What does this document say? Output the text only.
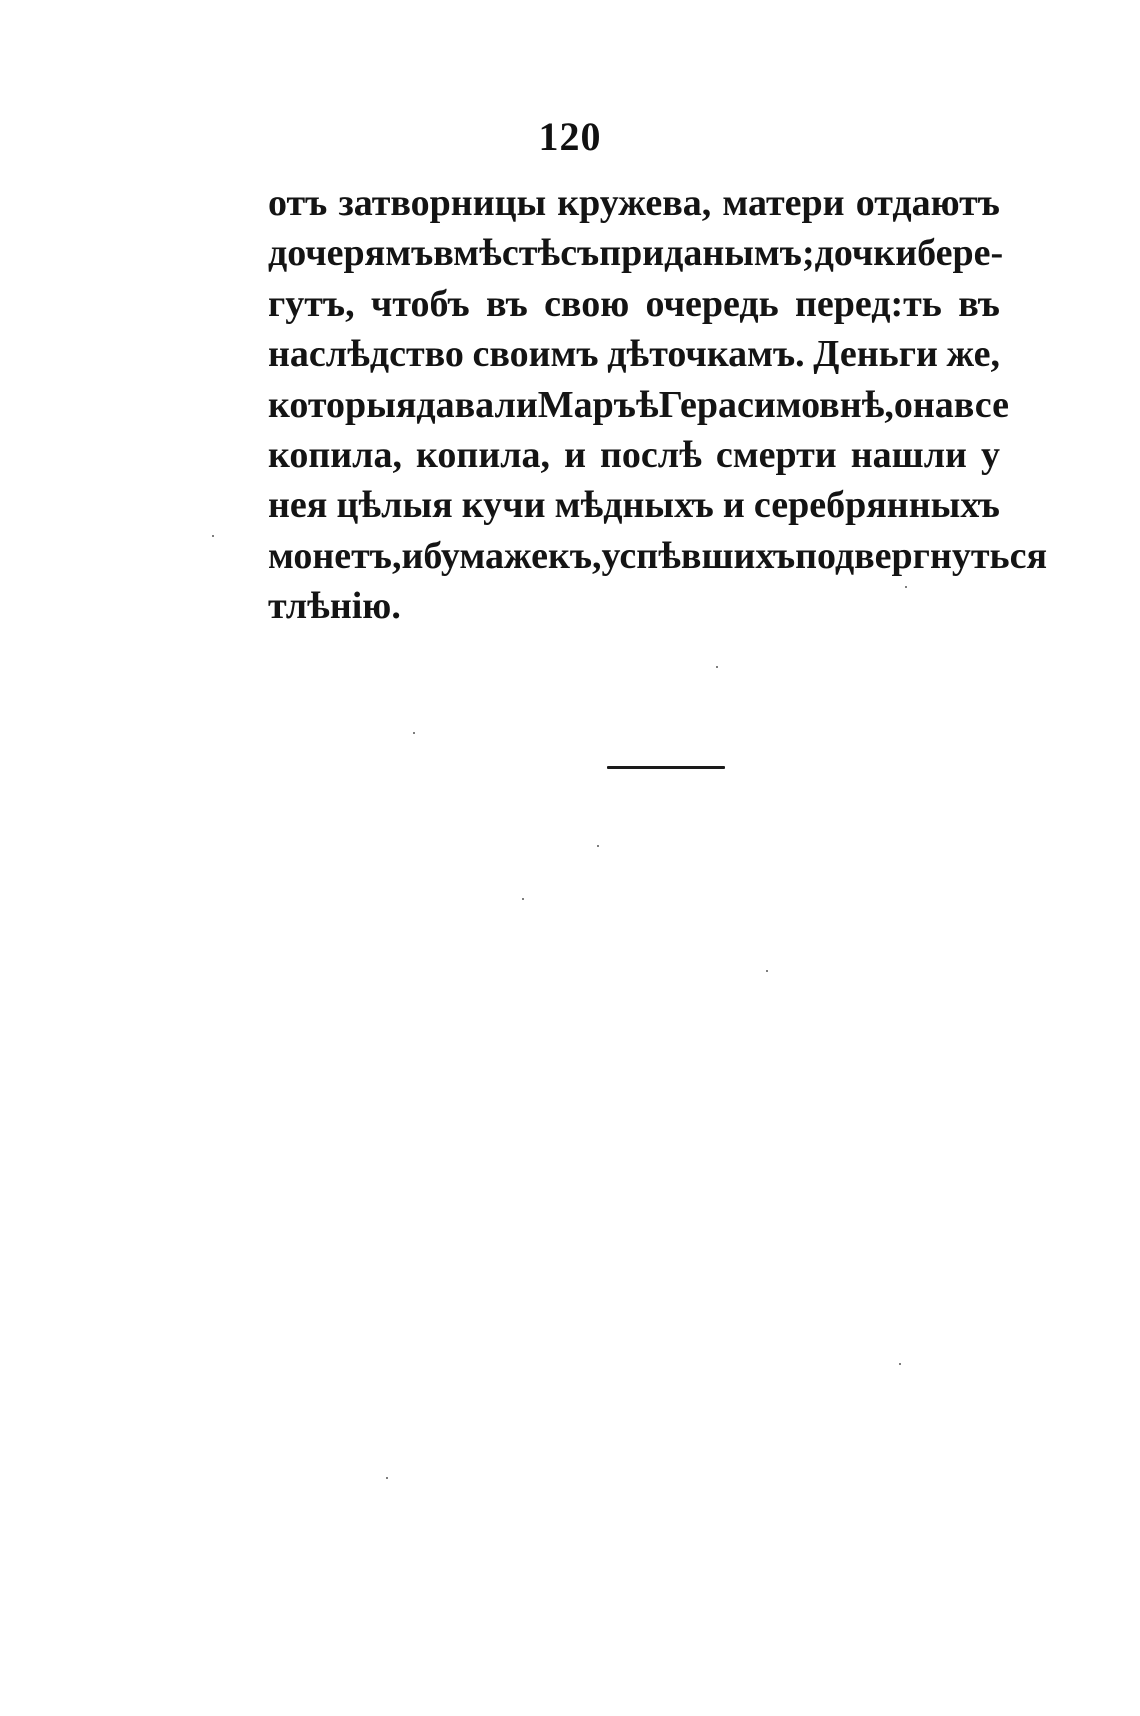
120
отъ затворницы кружева, матери отдаютъ
дочерямъ вмѣстѣ съ приданымъ; дочки бере-
гутъ, чтобъ въ свою очередь перед:ть въ
наслѣдство своимъ дѣточкамъ. Деньги же,
которыя давали Маръѣ Герасимовнѣ, она все
копила, копила, и послѣ смерти нашли у
нея цѣлыя кучи мѣдныхъ и серебрянныхъ
монетъ, и бумажекъ, успѣвшихъ подвергнуться
тлѣнію.
